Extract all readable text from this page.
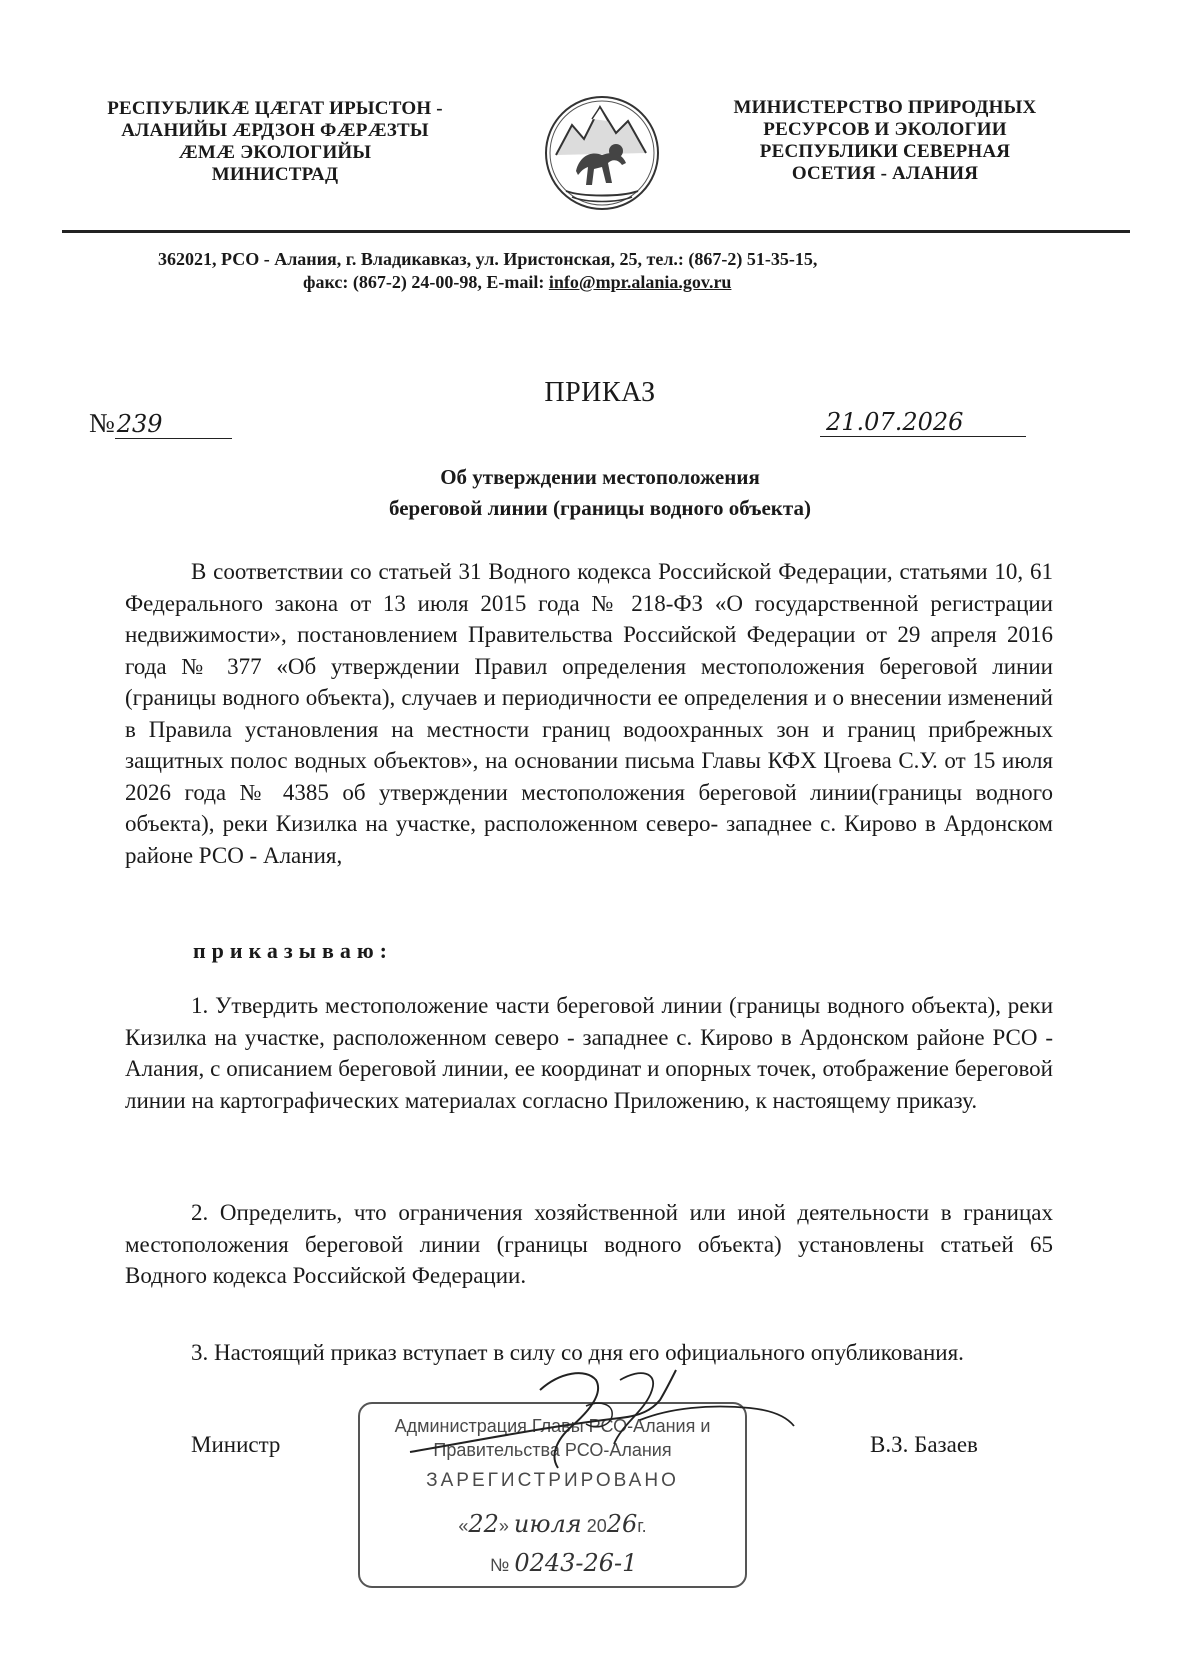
РЕСПУБЛИКÆ ЦÆГАТ ИРЫСТОН -
АЛАНИЙЫ ÆРДЗОН ФÆРÆЗТЫ
ÆМÆ ЭКОЛОГИЙЫ
МИНИСТРАД
МИНИСТЕРСТВО ПРИРОДНЫХ
РЕСУРСОВ И ЭКОЛОГИИ
РЕСПУБЛИКИ СЕВЕРНАЯ
ОСЕТИЯ - АЛАНИЯ
362021, РСО - Алания, г. Владикавказ, ул. Иристонская, 25, тел.: (867-2) 51-35-15,
факс: (867-2) 24-00-98, E-mail: info@mpr.alania.gov.ru
ПРИКАЗ
№239	21.07.2026
Об утверждении местоположения
береговой линии (границы водного объекта)
В соответствии со статьей 31 Водного кодекса Российской Федерации, статьями 10, 61 Федерального закона от 13 июля 2015 года № 218-ФЗ «О государственной регистрации недвижимости», постановлением Правительства Российской Федерации от 29 апреля 2016 года № 377 «Об утверждении Правил определения местоположения береговой линии (границы водного объекта), случаев и периодичности ее определения и о внесении изменений в Правила установления на местности границ водоохранных зон и границ прибрежных защитных полос водных объектов», на основании письма Главы КФХ Цгоева С.У. от 15 июля 2026 года № 4385 об утверждении местоположения береговой линии(границы водного объекта), реки Кизилка на участке, расположенном северо- западнее с. Кирово в Ардонском районе РСО - Алания,
приказываю:
1. Утвердить местоположение части береговой линии (границы водного объекта), реки Кизилка на участке, расположенном северо - западнее с. Кирово в Ардонском районе РСО - Алания, с описанием береговой линии, ее координат и опорных точек, отображение береговой линии на картографических материалах согласно Приложению, к настоящему приказу.
2. Определить, что ограничения хозяйственной или иной деятельности в границах местоположения береговой линии (границы водного объекта) установлены статьей 65 Водного кодекса Российской Федерации.
3. Настоящий приказ вступает в силу со дня его официального опубликования.
Администрация Главы РСО-Алания и
Правительства РСО-Алания
ЗАРЕГИСТРИРОВАНО
«22» июля 2026г.
№ 0243-26-1
Министр	В.З. Базаев
